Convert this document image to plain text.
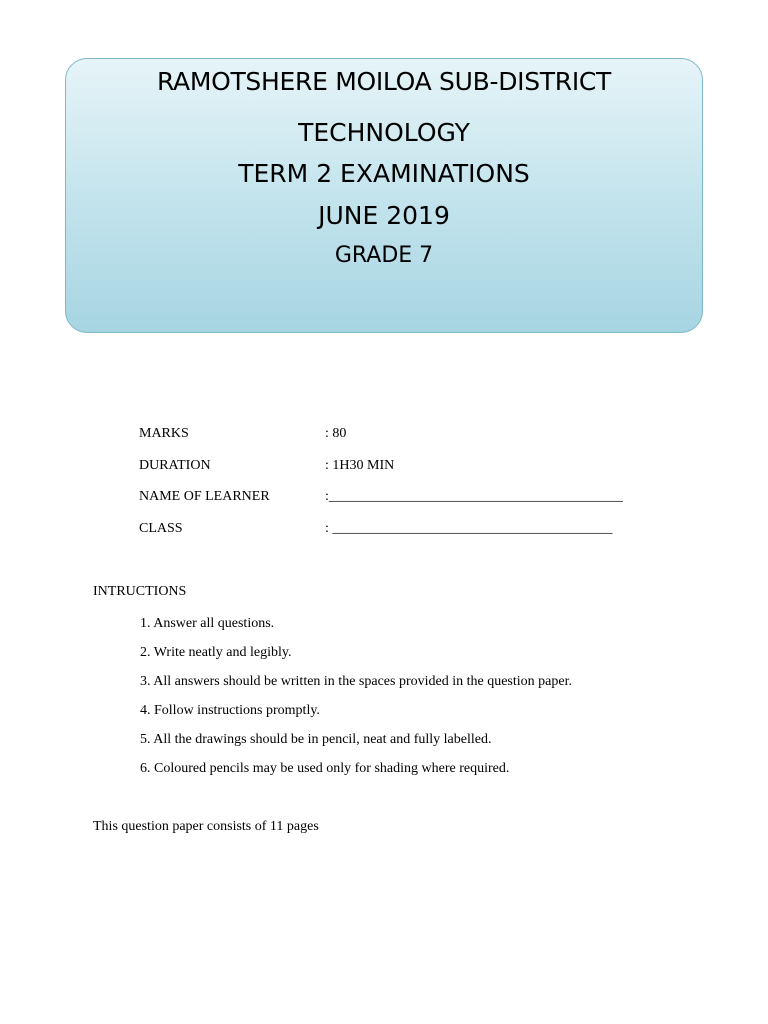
RAMOTSHERE MOILOA SUB-DISTRICT
TECHNOLOGY
TERM 2 EXAMINATIONS
JUNE 2019
GRADE 7
MARKS	: 80
DURATION	: 1H30 MIN
NAME OF LEARNER	:__________________________________________
CLASS	: ________________________________________
INTRUCTIONS
1. Answer all questions.
2. Write neatly and legibly.
3. All answers should be written in the spaces provided in the question paper.
4. Follow instructions promptly.
5. All the drawings should be in pencil, neat and fully labelled.
6. Coloured pencils may be used only for shading where required.
This question paper consists of 11 pages
